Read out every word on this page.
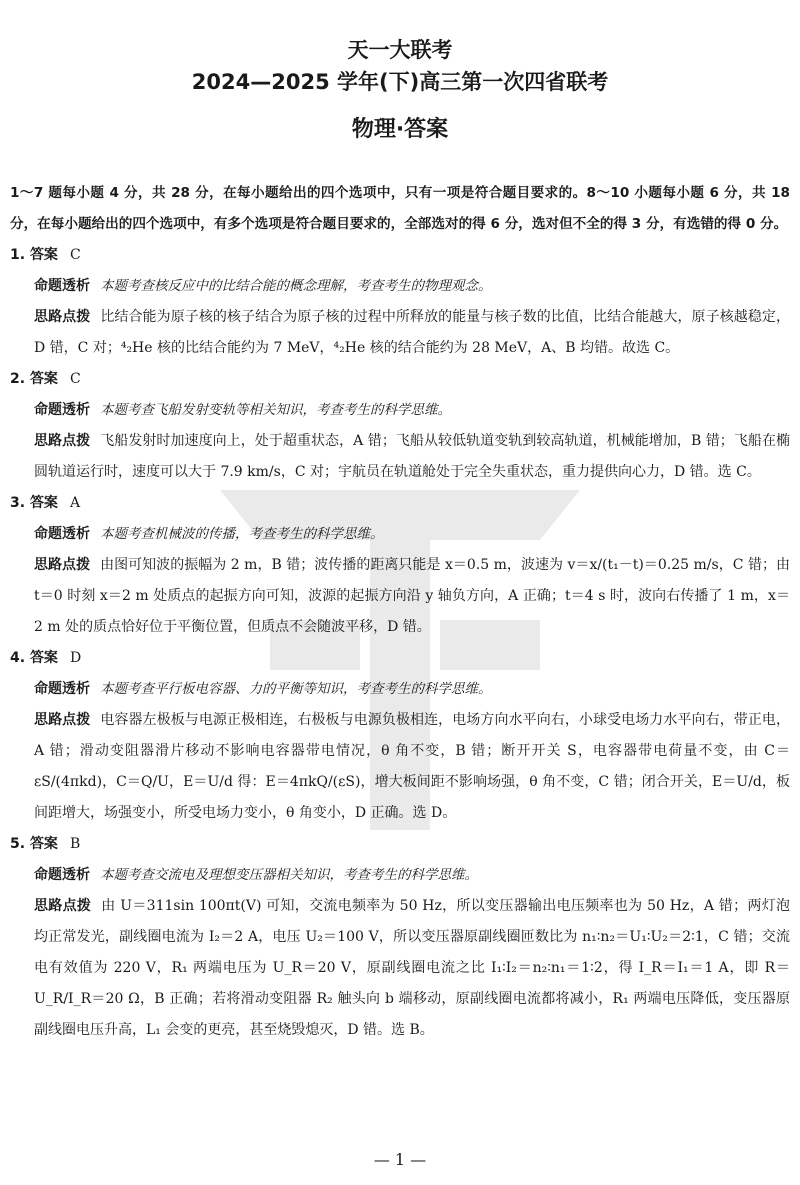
天一大联考
2024—2025 学年(下)高三第一次四省联考
物理·答案

1～7 题每小题 4 分，共 28 分，在每小题给出的四个选项中，只有一项是符合题目要求的。8～10 小题每小题 6 分，共 18 分，在每小题给出的四个选项中，有多个选项是符合题目要求的，全部选对的得 6 分，选对但不全的得 3 分，有选错的得 0 分。

1. 答案 C

命题透析 本题考查核反应中的比结合能的概念理解，考查考生的物理观念。

思路点拨 比结合能为原子核的核子结合为原子核的过程中所释放的能量与核子数的比值，比结合能越大，原子核越稳定，D 错，C 对；⁴₂He 核的比结合能约为 7 MeV，⁴₂He 核的结合能约为 28 MeV，A、B 均错。故选 C。

2. 答案 C

命题透析 本题考查飞船发射变轨等相关知识，考查考生的科学思维。

思路点拨 飞船发射时加速度向上，处于超重状态，A 错；飞船从较低轨道变轨到较高轨道，机械能增加，B 错；飞船在椭圆轨道运行时，速度可以大于 7.9 km/s，C 对；宇航员在轨道舱处于完全失重状态，重力提供向心力，D 错。选 C。

3. 答案 A

命题透析 本题考查机械波的传播，考查考生的科学思维。

思路点拨 由图可知波的振幅为 2 m，B 错；波传播的距离只能是 x＝0.5 m，波速为 v＝x/(t₁－t)＝0.25 m/s，C 错；由 t＝0 时刻 x＝2 m 处质点的起振方向可知，波源的起振方向沿 y 轴负方向，A 正确；t＝4 s 时，波向右传播了 1 m，x＝2 m 处的质点恰好位于平衡位置，但质点不会随波平移，D 错。

4. 答案 D

命题透析 本题考查平行板电容器、力的平衡等知识，考查考生的科学思维。

思路点拨 电容器左极板与电源正极相连，右极板与电源负极相连，电场方向水平向右，小球受电场力水平向右，带正电，A 错；滑动变阻器滑片移动不影响电容器带电情况，θ 角不变，B 错；断开开关 S，电容器带电荷量不变，由 C＝εS/(4πkd)，C＝Q/U，E＝U/d 得：E＝4πkQ/(εS)，增大板间距不影响场强，θ 角不变，C 错；闭合开关，E＝U/d，板间距增大，场强变小，所受电场力变小，θ 角变小，D 正确。选 D。

5. 答案 B

命题透析 本题考查交流电及理想变压器相关知识，考查考生的科学思维。

思路点拨 由 U＝311sin 100πt(V) 可知，交流电频率为 50 Hz，所以变压器输出电压频率也为 50 Hz，A 错；两灯泡均正常发光，副线圈电流为 I₂＝2 A，电压 U₂＝100 V，所以变压器原副线圈匝数比为 n₁∶n₂＝U₁∶U₂＝2∶1，C 错；交流电有效值为 220 V，R₁ 两端电压为 U_R＝20 V，原副线圈电流之比 I₁∶I₂＝n₂∶n₁＝1∶2，得 I_R＝I₁＝1 A，即 R＝U_R/I_R＝20 Ω，B 正确；若将滑动变阻器 R₂ 触头向 b 端移动，原副线圈电流都将减小，R₁ 两端电压降低，变压器原副线圈电压升高，L₁ 会变的更亮，甚至烧毁熄灭，D 错。选 B。

— 1 —
